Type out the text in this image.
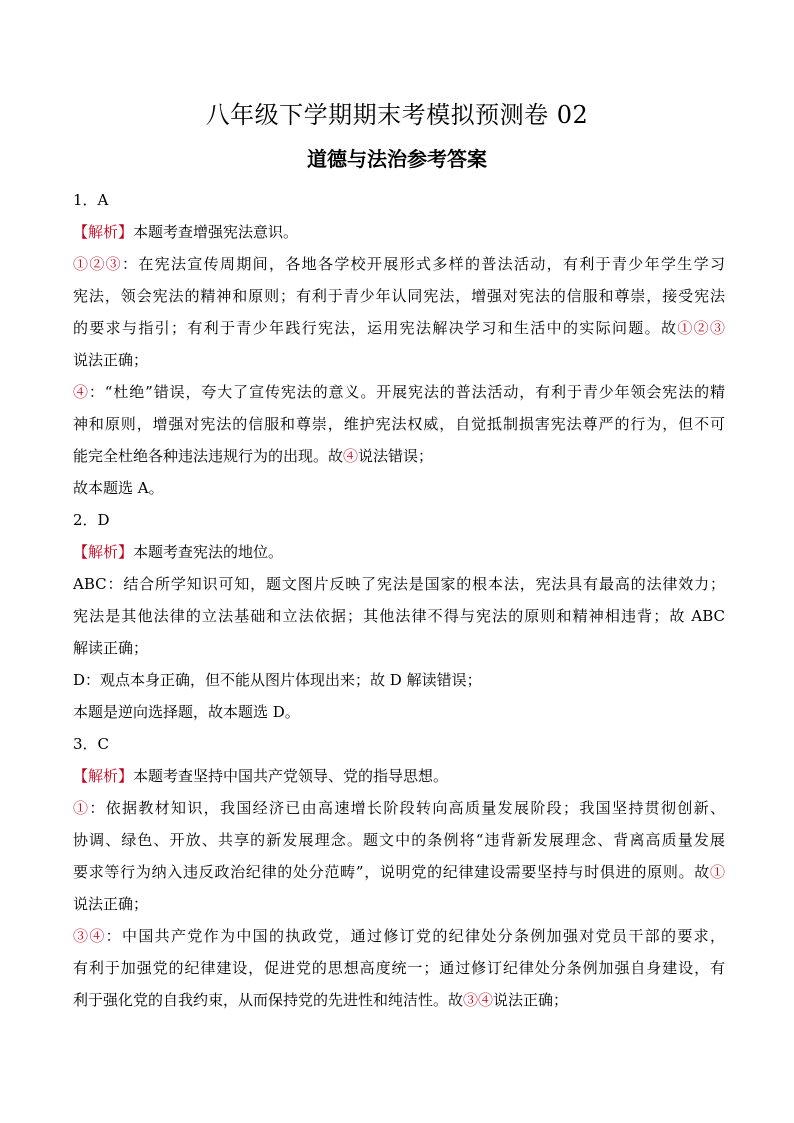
八年级下学期期末考模拟预测卷 02
道德与法治参考答案
1．A
【解析】本题考查增强宪法意识。
①②③：在宪法宣传周期间，各地各学校开展形式多样的普法活动，有利于青少年学生学习
宪法，领会宪法的精神和原则；有利于青少年认同宪法，增强对宪法的信服和尊崇，接受宪法
的要求与指引；有利于青少年践行宪法，运用宪法解决学习和生活中的实际问题。故①②③
说法正确；
④：“杜绝”错误，夸大了宣传宪法的意义。开展宪法的普法活动，有利于青少年领会宪法的精
神和原则，增强对宪法的信服和尊崇，维护宪法权威，自觉抵制损害宪法尊严的行为，但不可
能完全杜绝各种违法违规行为的出现。故④说法错误；
故本题选 A。
2．D
【解析】本题考查宪法的地位。
ABC：结合所学知识可知，题文图片反映了宪法是国家的根本法，宪法具有最高的法律效力；
宪法是其他法律的立法基础和立法依据；其他法律不得与宪法的原则和精神相违背；故 ABC
解读正确；
D：观点本身正确，但不能从图片体现出来；故 D 解读错误；
本题是逆向选择题，故本题选 D。
3．C
【解析】本题考查坚持中国共产党领导、党的指导思想。
①：依据教材知识，我国经济已由高速增长阶段转向高质量发展阶段；我国坚持贯彻创新、
协调、绿色、开放、共享的新发展理念。题文中的条例将“违背新发展理念、背离高质量发展
要求等行为纳入违反政治纪律的处分范畴”，说明党的纪律建设需要坚持与时俱进的原则。故①
说法正确；
③④：中国共产党作为中国的执政党，通过修订党的纪律处分条例加强对党员干部的要求，
有利于加强党的纪律建设，促进党的思想高度统一；通过修订纪律处分条例加强自身建设，有
利于强化党的自我约束，从而保持党的先进性和纯洁性。故③④说法正确；
